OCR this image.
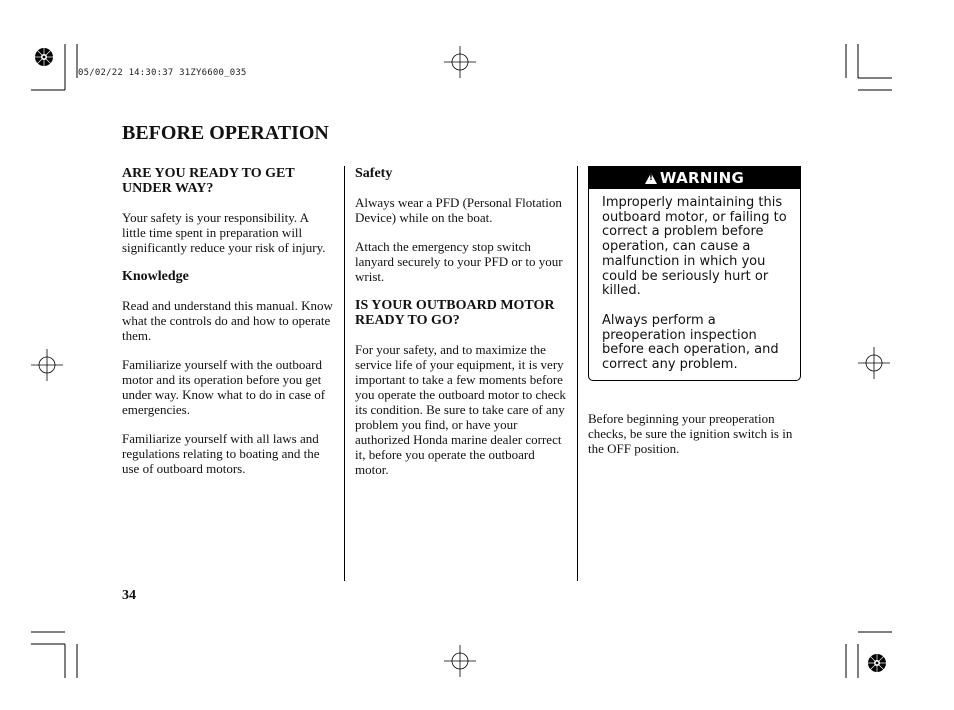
05/02/22 14:30:37 31ZY6600_035
BEFORE OPERATION
ARE YOU READY TO GET UNDER WAY?

Your safety is your responsibility. A little time spent in preparation will significantly reduce your risk of injury.

Knowledge

Read and understand this manual. Know what the controls do and how to operate them.

Familiarize yourself with the outboard motor and its operation before you get under way. Know what to do in case of emergencies.

Familiarize yourself with all laws and regulations relating to boating and the use of outboard motors.

Safety

Always wear a PFD (Personal Flotation Device) while on the boat.

Attach the emergency stop switch lanyard securely to your PFD or to your wrist.

IS YOUR OUTBOARD MOTOR READY TO GO?

For your safety, and to maximize the service life of your equipment, it is very important to take a few moments before you operate the outboard motor to check its condition. Be sure to take care of any problem you find, or have your authorized Honda marine dealer correct it, before you operate the outboard motor.

!WARNING

Improperly maintaining this outboard motor, or failing to correct a problem before operation, can cause a malfunction in which you could be seriously hurt or killed.

Always perform a preoperation inspection before each operation, and correct any problem.

Before beginning your preoperation checks, be sure the ignition switch is in the OFF position.

34
